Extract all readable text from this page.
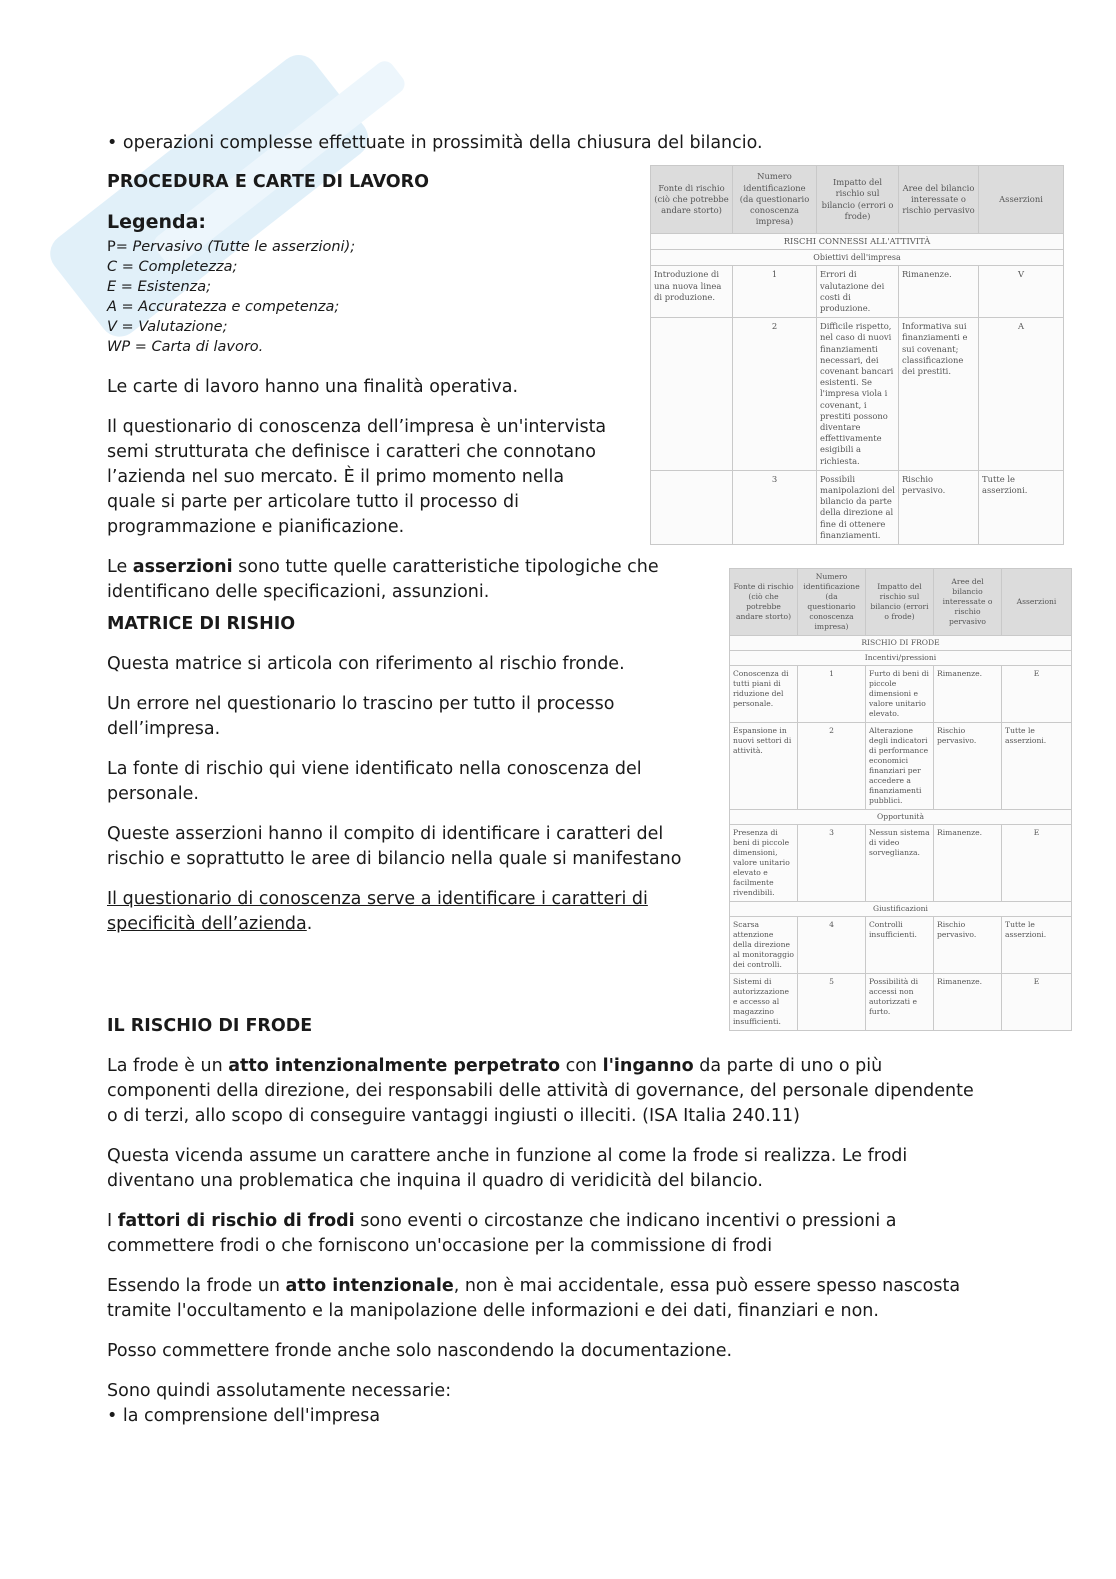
• operazioni complesse effettuate in prossimità della chiusura del bilancio.

PROCEDURA E CARTE DI LAVORO
Legenda:
P= Pervasivo (Tutte le asserzioni);
C = Completezza;
E = Esistenza;
A = Accuratezza e competenza;
V = Valutazione;
WP = Carta di lavoro.

Le carte di lavoro hanno una finalità operativa.

Il questionario di conoscenza dell’impresa è un'intervista semi strutturata che definisce i caratteri che connotano l’azienda nel suo mercato. È il primo momento nella quale si parte per articolare tutto il processo di programmazione e pianificazione.

Le asserzioni sono tutte quelle caratteristiche tipologiche che identificano delle specificazioni, assunzioni.

MATRICE DI RISHIO

Questa matrice si articola con riferimento al rischio fronde.

Un errore nel questionario lo trascino per tutto il processo dell’impresa.

La fonte di rischio qui viene identificato nella conoscenza del personale.

Queste asserzioni hanno il compito di identificare i caratteri del rischio e soprattutto le aree di bilancio nella quale si manifestano

Il questionario di conoscenza serve a identificare i caratteri di specificità dell’azienda.

IL RISCHIO DI FRODE

La frode è un atto intenzionalmente perpetrato con l'inganno da parte di uno o più componenti della direzione, dei responsabili delle attività di governance, del personale dipendente o di terzi, allo scopo di conseguire vantaggi ingiusti o illeciti. (ISA Italia 240.11)

Questa vicenda assume un carattere anche in funzione al come la frode si realizza. Le frodi diventano una problematica che inquina il quadro di veridicità del bilancio.

I fattori di rischio di frodi sono eventi o circostanze che indicano incentivi o pressioni a commettere frodi o che forniscono un'occasione per la commissione di frodi

Essendo la frode un atto intenzionale, non è mai accidentale, essa può essere spesso nascosta tramite l'occultamento e la manipolazione delle informazioni e dei dati, finanziari e non.

Posso commettere fronde anche solo nascondendo la documentazione.

Sono quindi assolutamente necessarie:

• la comprensione dell'impresa

Fonte di rischio (ciò che potrebbe andare storto)	Numero identificazione (da questionario conoscenza impresa)	Impatto del rischio sul bilancio (errori o frode)	Aree del bilancio interessate o rischio pervasivo	Asserzioni
RISCHI CONNESSI ALL'ATTIVITÀ				
Obiettivi dell'impresa				
Introduzione di una nuova linea di produzione.	1	Errori di valutazione dei costi di produzione.	Rimanenze.	V
	2	Difficile rispetto, nel caso di nuovi finanziamenti necessari, dei covenant bancari esistenti. Se l'impresa viola i covenant, i prestiti possono diventare effettivamente esigibili a richiesta.	Informativa sui finanziamenti e sui covenant; classificazione dei prestiti.	A
	3	Possibili manipolazioni del bilancio da parte della direzione al fine di ottenere finanziamenti.	Rischio pervasivo.	Tutte le asserzioni.
Fonte di rischio (ciò che potrebbe andare storto)	Numero identificazione (da questionario conoscenza impresa)	Impatto del rischio sul bilancio (errori o frode)	Aree del bilancio interessate o rischio pervasivo	Asserzioni
RISCHIO DI FRODE				
Incentivi/pressioni				
Conoscenza di tutti piani di riduzione del personale.	1	Furto di beni di piccole dimensioni e valore unitario elevato.	Rimanenze.	E
Espansione in nuovi settori di attività.	2	Alterazione degli indicatori di performance economici finanziari per accedere a finanziamenti pubblici.	Rischio pervasivo.	Tutte le asserzioni.
Opportunità				
Presenza di beni di piccole dimensioni, valore unitario elevato e facilmente rivendibili.	3	Nessun sistema di video sorveglianza.	Rimanenze.	E
Giustificazioni				
Scarsa attenzione della direzione al monitoraggio dei controlli.	4	Controlli insufficienti.	Rischio pervasivo.	Tutte le asserzioni.
Sistemi di autorizzazione e accesso al magazzino insufficienti.	5	Possibilità di accessi non autorizzati e furto.	Rimanenze.	E
